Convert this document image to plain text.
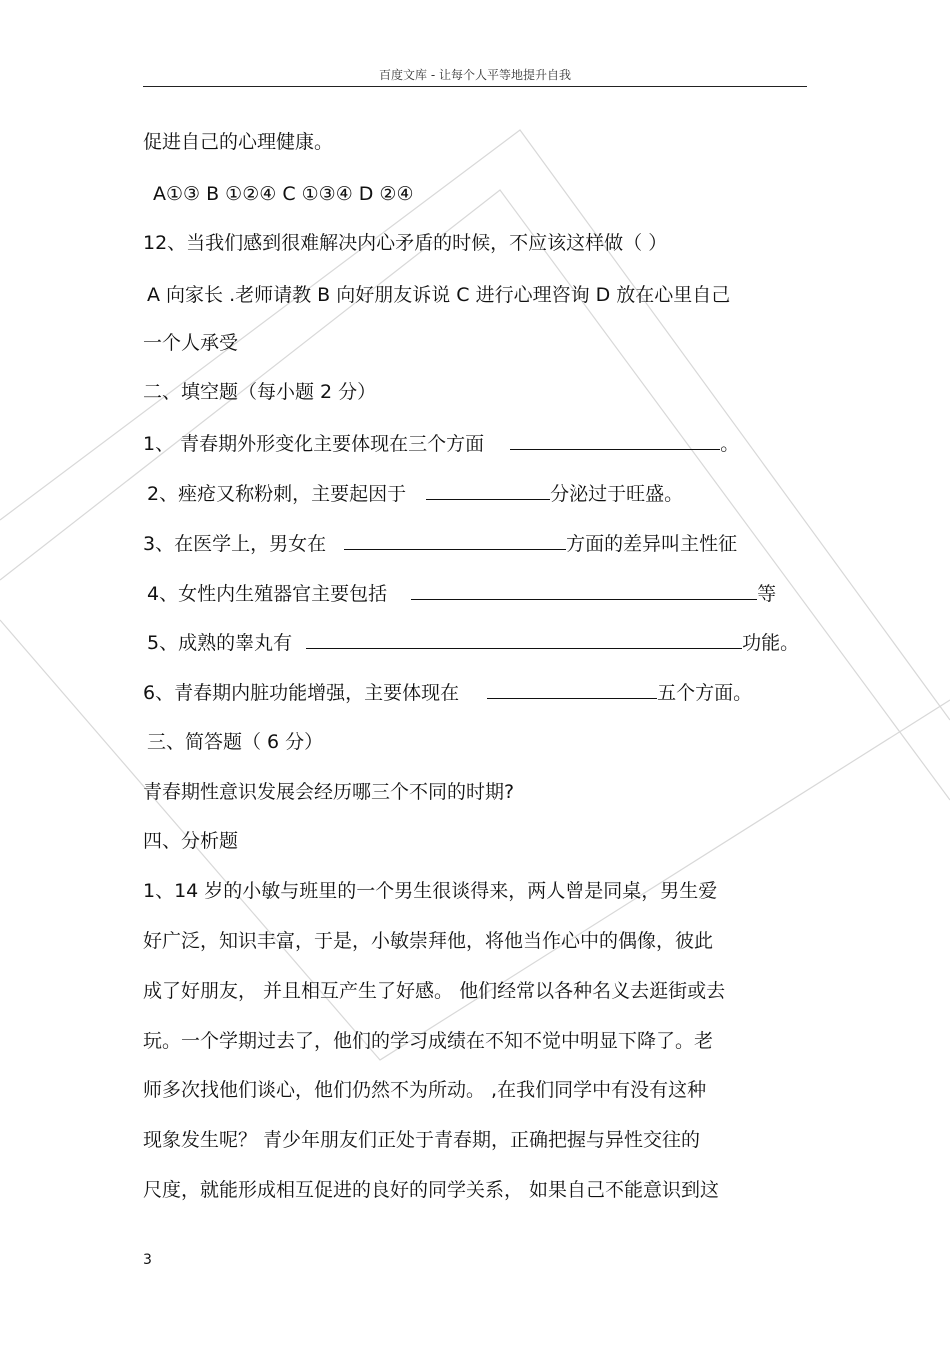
百度文库 - 让每个人平等地提升自我
促进自己的心理健康。
A①③ B ①②④ C ①③④ D ②④
12、当我们感到很难解决内心矛盾的时候，不应该这样做（ ）
A 向家长 .老师请教 B 向好朋友诉说 C 进行心理咨询 D 放在心里自己
一个人承受
二、填空题（每小题 2 分）
1、 青春期外形变化主要体现在三个方面	。
2、痤疮又称粉刺，主要起因于	分泌过于旺盛。
3、在医学上，男女在	方面的差异叫主性征
4、女性内生殖器官主要包括	等
5、成熟的睾丸有	功能。
6、青春期内脏功能增强，主要体现在	五个方面。
三、简答题（ 6 分）
青春期性意识发展会经历哪三个不同的时期?
四、分析题
1、14 岁的小敏与班里的一个男生很谈得来，两人曾是同桌，男生爱
好广泛，知识丰富，于是，小敏崇拜他，将他当作心中的偶像，彼此
成了好朋友， 并且相互产生了好感。 他们经常以各种名义去逛街或去
玩。一个学期过去了，他们的学习成绩在不知不觉中明显下降了。老
师多次找他们谈心，他们仍然不为所动。 ,在我们同学中有没有这种
现象发生呢？ 青少年朋友们正处于青春期，正确把握与异性交往的
尺度，就能形成相互促进的良好的同学关系， 如果自己不能意识到这
3
